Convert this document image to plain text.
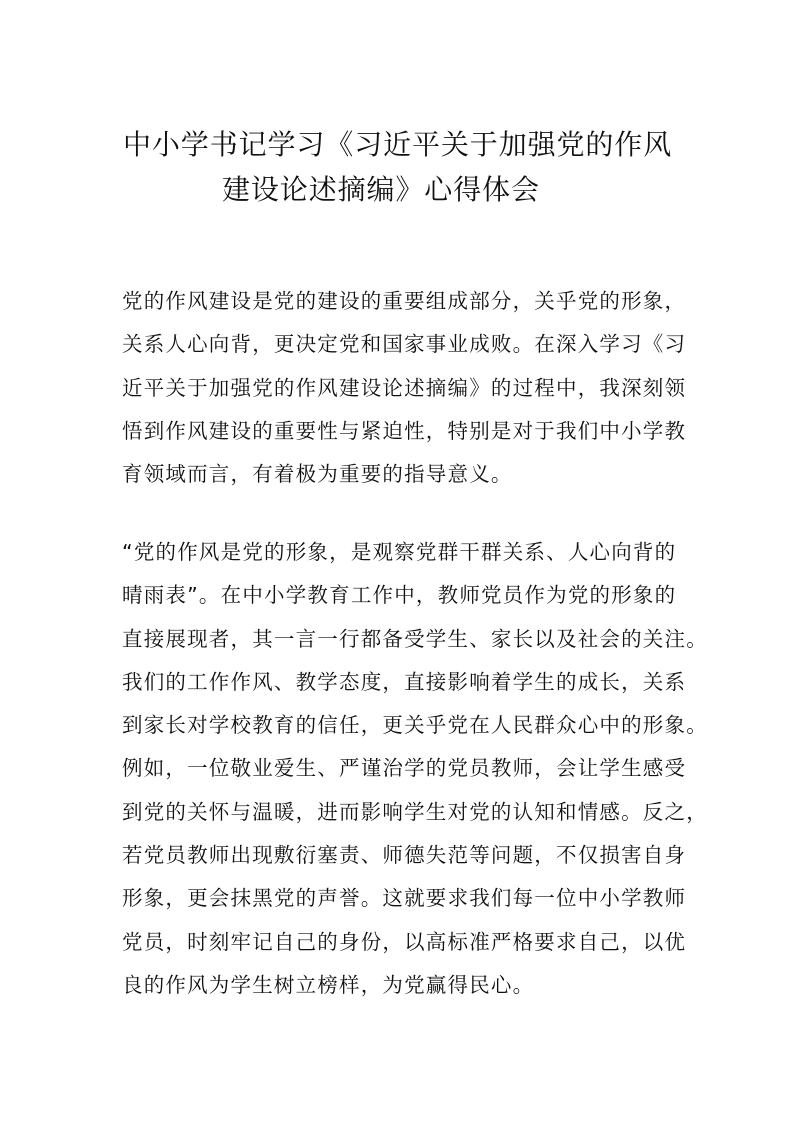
中小学书记学习《习近平关于加强党的作风
建设论述摘编》心得体会
党的作风建设是党的建设的重要组成部分，关乎党的形象，
关系人心向背，更决定党和国家事业成败。在深入学习《习
近平关于加强党的作风建设论述摘编》的过程中，我深刻领
悟到作风建设的重要性与紧迫性，特别是对于我们中小学教
育领域而言，有着极为重要的指导意义。
“党的作风是党的形象，是观察党群干群关系、人心向背的
晴雨表”。在中小学教育工作中，教师党员作为党的形象的
直接展现者，其一言一行都备受学生、家长以及社会的关注。
我们的工作作风、教学态度，直接影响着学生的成长，关系
到家长对学校教育的信任，更关乎党在人民群众心中的形象。
例如，一位敬业爱生、严谨治学的党员教师，会让学生感受
到党的关怀与温暖，进而影响学生对党的认知和情感。反之，
若党员教师出现敷衍塞责、师德失范等问题，不仅损害自身
形象，更会抹黑党的声誉。这就要求我们每一位中小学教师
党员，时刻牢记自己的身份，以高标准严格要求自己，以优
良的作风为学生树立榜样，为党赢得民心。
